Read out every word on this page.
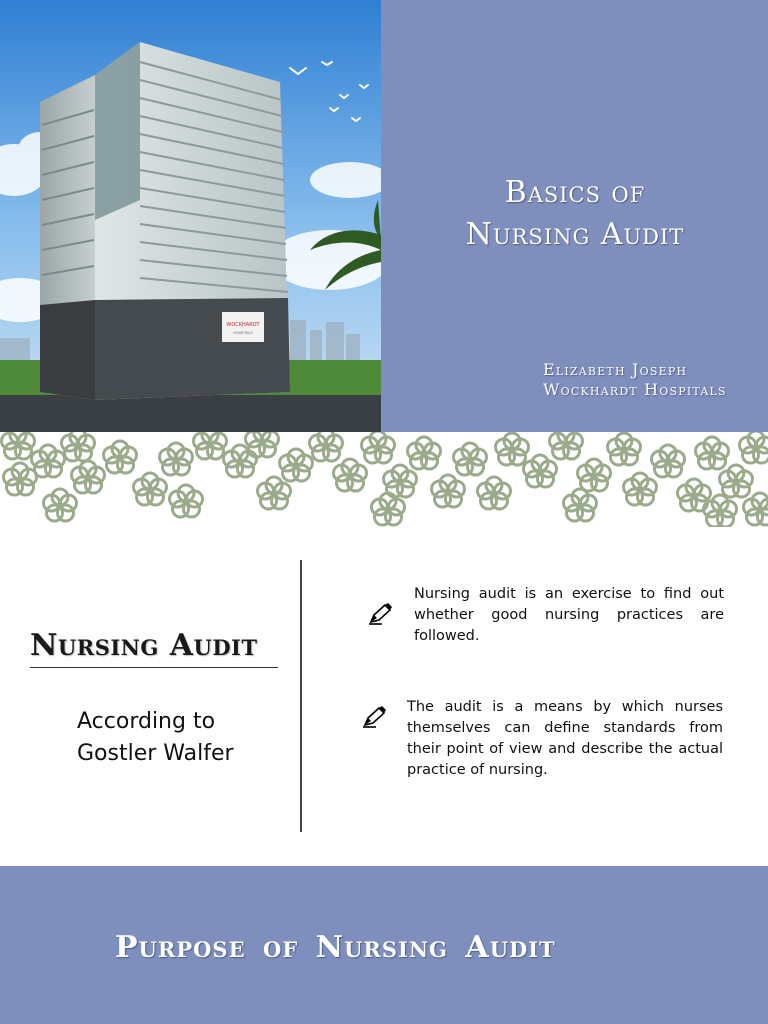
WOCKHARDT
HOSPITALS

Basics of

Nursing Audit

Elizabeth Joseph

Wockhardt Hospitals

Nursing Audit
According to
Gostler Walfer

Nursing audit is an exercise to find out whether good nursing practices are followed.

The audit is a means by which nurses themselves can define standards from their point of view and describe the actual practice of nursing.

Purpose of Nursing Audit
